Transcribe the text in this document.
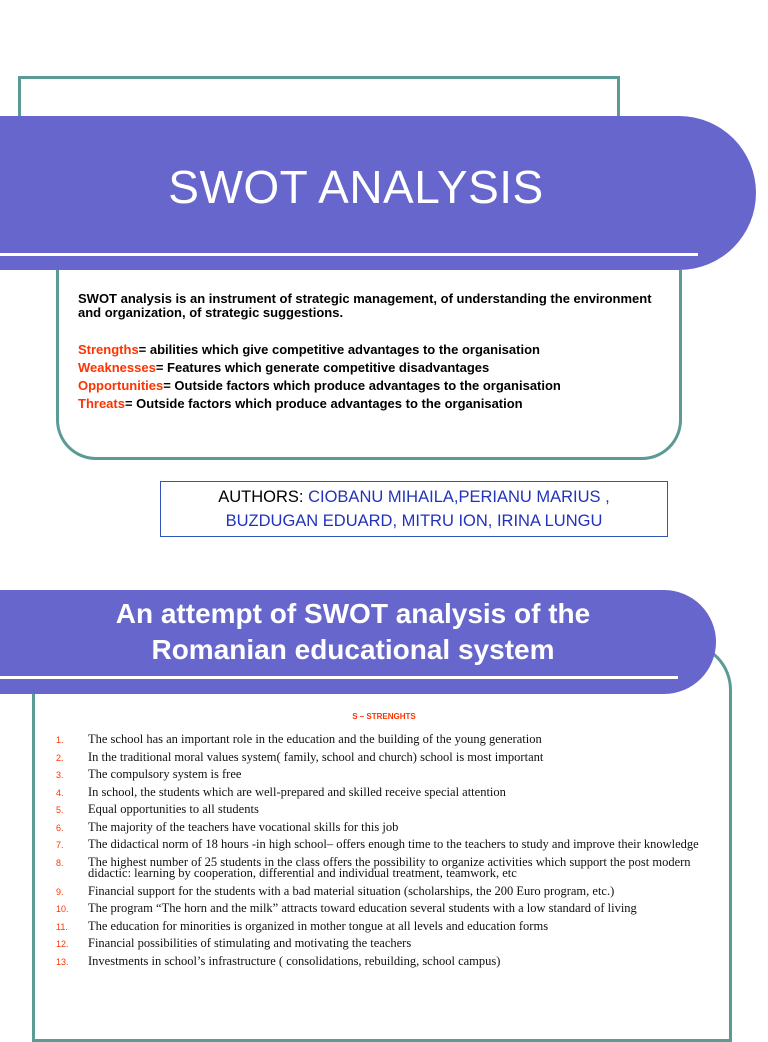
SWOT ANALYSIS
SWOT analysis is an instrument of strategic management, of understanding the environment and organization, of strategic suggestions.
Strengths= abilities which give competitive advantages to the organisation
Weaknesses= Features which generate competitive disadvantages
Opportunities= Outside factors which produce advantages to the organisation
Threats= Outside factors which produce advantages to the organisation
AUTHORS: CIOBANU MIHAILA,PERIANU MARIUS ,
BUZDUGAN EDUARD, MITRU ION, IRINA LUNGU
An attempt of SWOT analysis of the
Romanian educational system
S – STRENGHTS
1. The school has an important role in the education and the building of the young generation
2. In the traditional moral values system( family, school and church) school is most important
3. The compulsory system is free
4. In school, the students which are well-prepared and skilled receive special attention
5. Equal opportunities to all students
6. The majority of the teachers have vocational skills for this job
7. The didactical norm of 18 hours -in high school– offers enough time to the teachers to study and improve their knowledge
8. The highest number of 25 students in the class offers the possibility to organize activities which support the post modern didactic: learning by cooperation, differential and individual treatment, teamwork, etc
9. Financial support for the students with a bad material situation (scholarships, the 200 Euro program, etc.)
10. The program “The horn and the milk” attracts toward education several students with a low standard of living
11. The education for minorities is organized in mother tongue at all levels and education forms
12. Financial possibilities of stimulating and motivating the teachers
13. Investments in school’s infrastructure ( consolidations, rebuilding, school campus)
